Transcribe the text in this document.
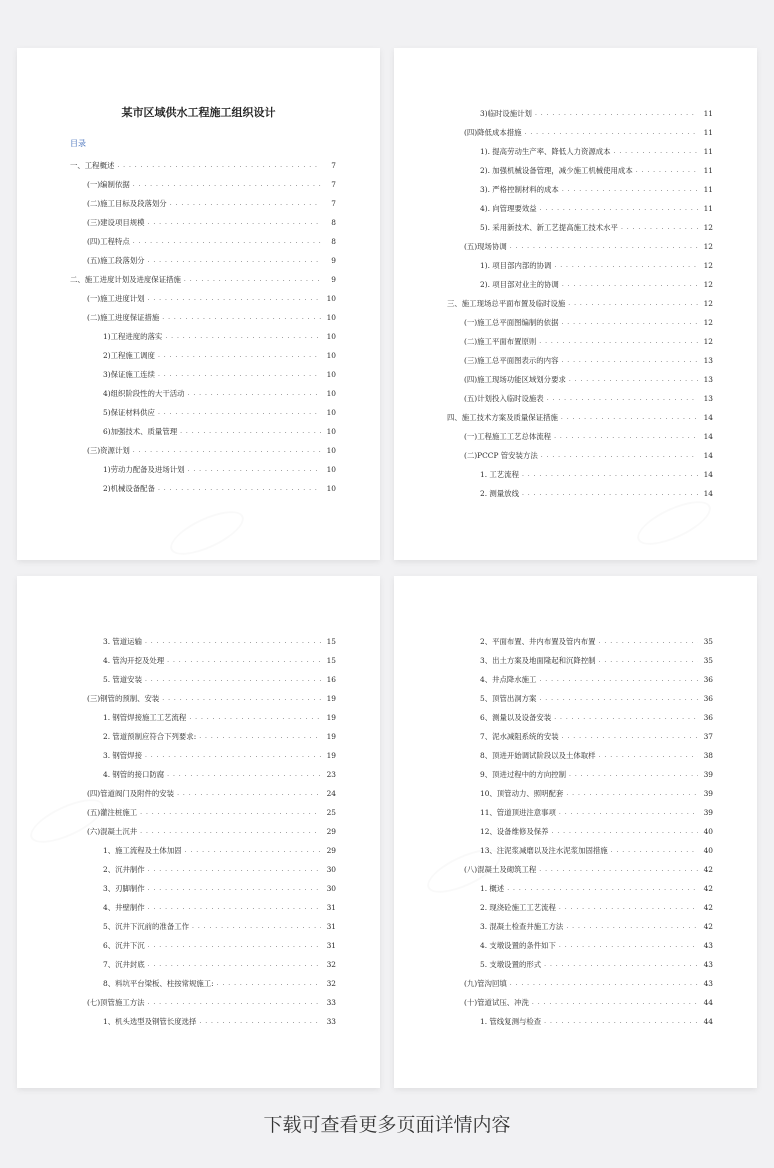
某市区域供水工程施工组织设计
目录
一、工程概述 . . .	7
(一)编制依据 . . .	7
(二)施工目标及段落划分 . . .	7
(三)建设项目规模 . . .	8
(四)工程特点 . . .	8
(五)施工段落划分 . . .	9
二、施工进度计划及进度保证措施 . . .	9
(一)施工进度计划 . . .	10
(二)施工进度保证措施 . . .	10
1)工程进度的落实 . . .	10
2)工程施工调度 . . .	10
3)保证施工连续 . . .	10
4)组织阶段性的大干活动 . . .	10
5)保证材料供应 . . .	10
6)加强技术、质量管理 . . .	10
(三)资源计划 . . .	10
1)劳动力配备及进场计划 . . .	10
2)机械设备配备 . . .	10
3)临时设施计划 . . .	11
(四)降低成本措施 . . .	11
1). 提高劳动生产率、降低人力资源成本 . . .	11
2). 加强机械设备管理，减少施工机械使用成本 . . .	11
3). 严格控制材料的成本 . . .	11
4). 向管理要效益 . . .	11
5). 采用新技术、新工艺提高施工技术水平 . . .	12
(五)现场协调 . . .	12
1). 项目部内部的协调 . . .	12
2). 项目部对业主的协调 . . .	12
三、施工现场总平面布置及临时设施 . . .	12
(一)施工总平面图编制的依据 . . .	12
(二)施工平面布置原则 . . .	12
(三)施工总平面图表示的内容 . . .	13
(四)施工现场功能区域划分要求 . . .	13
(五)计划投入临时设施表 . . .	13
四、施工技术方案及质量保证措施 . . .	14
(一)工程施工工艺总体流程 . . .	14
(二)PCCP 管安装方法 . . .	14
1. 工艺流程 . . .	14
2. 测量放线 . . .	14
3. 管道运输 . . .	15
4. 管沟开挖及处理 . . .	15
5. 管道安装 . . .	16
(三)钢管的预制、安装 . . .	19
1. 钢管焊接施工工艺流程 . . .	19
2. 管道预制应符合下列要求: . . .	19
3. 钢管焊接 . . .	19
4. 钢管的接口防腐 . . .	23
(四)管道阀门及附件的安装 . . .	24
(五)灌注桩施工 . . .	25
(六)混凝土沉井 . . .	29
1、施工流程及土体加固 . . .	29
2、沉井制作 . . .	30
3、刃脚制作 . . .	30
4、井壁制作 . . .	31
5、沉井下沉前的准备工作 . . .	31
6、沉井下沉 . . .	31
7、沉井封底 . . .	32
8、料坑平台梁板、柱按常规施工: . . .	32
(七)顶管施工方法 . . .	33
1、机头选型及钢管长度选择 . . .	33
2、平面布置、井内布置及管内布置 . . .	35
3、出土方案及地面隆起和沉降控制 . . .	35
4、井点降水施工 . . .	36
5、顶管出洞方案 . . .	36
6、测量以及设备安装 . . .	36
7、泥水减阻系统的安装 . . .	37
8、顶进开始调试阶段以及土体取样 . . .	38
9、顶进过程中的方向控制 . . .	39
10、顶管动力、照明配套 . . .	39
11、管道顶进注意事项 . . .	39
12、设备维修及保养 . . .	40
13、注泥浆减磨以及注水泥浆加固措施 . . .	40
(八)混凝土及砌筑工程 . . .	42
1. 概述 . . .	42
2. 现浇砼施工工艺流程 . . .	42
3. 混凝土检查井施工方法 . . .	42
4. 支墩设置的条件如下 . . .	43
5. 支墩设置的形式 . . .	43
(九)管沟回填 . . .	43
(十)管道试压、冲洗 . . .	44
1. 管线复测与检查 . . .	44
下载可查看更多页面详情内容
